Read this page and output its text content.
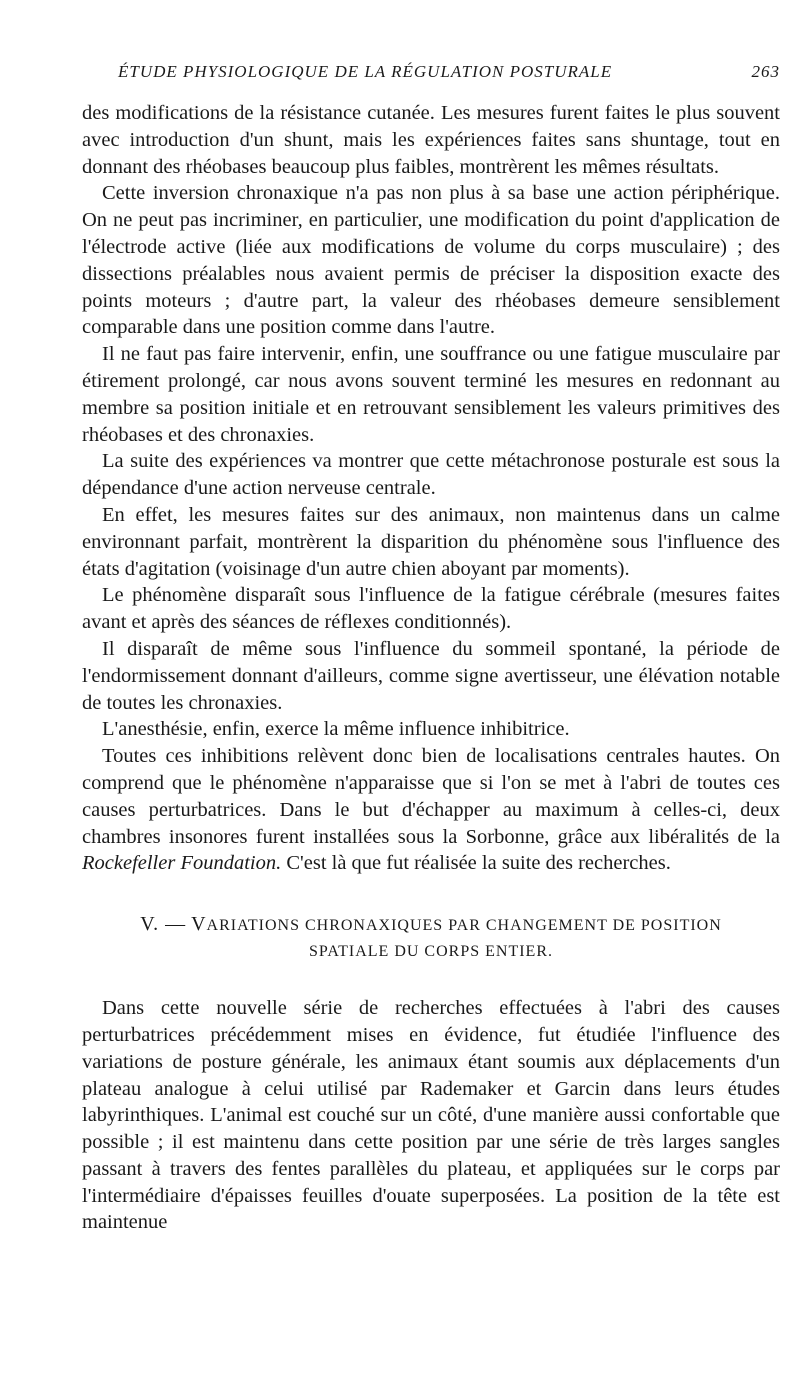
ÉTUDE PHYSIOLOGIQUE DE LA RÉGULATION POSTURALE	263

des modifications de la résistance cutanée. Les mesures furent faites le plus souvent avec introduction d'un shunt, mais les expériences faites sans shuntage, tout en donnant des rhéobases beaucoup plus faibles, montrèrent les mêmes résultats.

Cette inversion chronaxique n'a pas non plus à sa base une action périphérique. On ne peut pas incriminer, en particulier, une modification du point d'application de l'électrode active (liée aux modifications de volume du corps musculaire) ; des dissections préalables nous avaient permis de préciser la disposition exacte des points moteurs ; d'autre part, la valeur des rhéobases demeure sensiblement comparable dans une position comme dans l'autre.

Il ne faut pas faire intervenir, enfin, une souffrance ou une fatigue musculaire par étirement prolongé, car nous avons souvent terminé les mesures en redonnant au membre sa position initiale et en retrouvant sensiblement les valeurs primitives des rhéobases et des chronaxies.

La suite des expériences va montrer que cette métachronose posturale est sous la dépendance d'une action nerveuse centrale.

En effet, les mesures faites sur des animaux, non maintenus dans un calme environnant parfait, montrèrent la disparition du phénomène sous l'influence des états d'agitation (voisinage d'un autre chien aboyant par moments).

Le phénomène disparaît sous l'influence de la fatigue cérébrale (mesures faites avant et après des séances de réflexes conditionnés).

Il disparaît de même sous l'influence du sommeil spontané, la période de l'endormissement donnant d'ailleurs, comme signe avertisseur, une élévation notable de toutes les chronaxies.

L'anesthésie, enfin, exerce la même influence inhibitrice.

Toutes ces inhibitions relèvent donc bien de localisations centrales hautes. On comprend que le phénomène n'apparaisse que si l'on se met à l'abri de toutes ces causes perturbatrices. Dans le but d'échapper au maximum à celles-ci, deux chambres insonores furent installées sous la Sorbonne, grâce aux libéralités de la Rockefeller Foundation. C'est là que fut réalisée la suite des recherches.

V. — VARIATIONS CHRONAXIQUES PAR CHANGEMENT DE POSITION
SPATIALE DU CORPS ENTIER.

Dans cette nouvelle série de recherches effectuées à l'abri des causes perturbatrices précédemment mises en évidence, fut étudiée l'influence des variations de posture générale, les animaux étant soumis aux déplacements d'un plateau analogue à celui utilisé par Rademaker et Garcin dans leurs études labyrinthiques. L'animal est couché sur un côté, d'une manière aussi confortable que possible ; il est maintenu dans cette position par une série de très larges sangles passant à travers des fentes parallèles du plateau, et appliquées sur le corps par l'intermédiaire d'épaisses feuilles d'ouate superposées. La position de la tête est maintenue
